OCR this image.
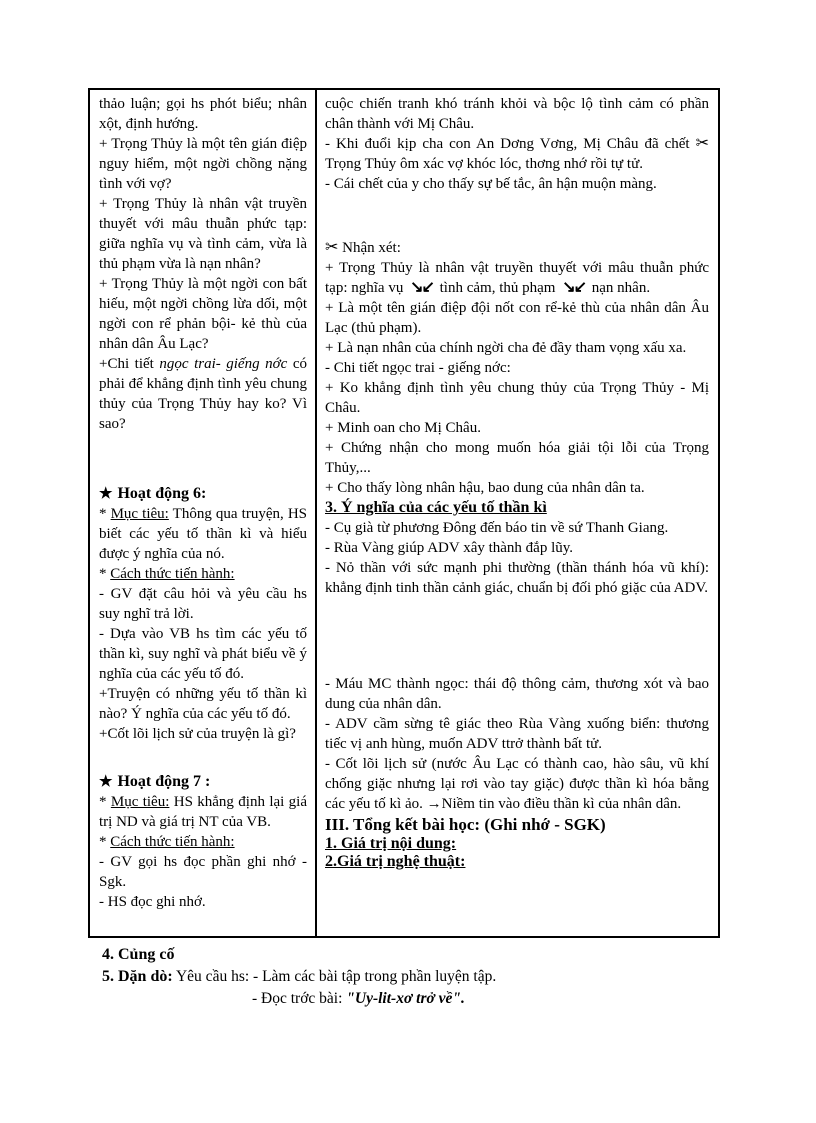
thảo luận; gọi hs phót biểu; nhân xột, định hướng.

+ Trọng Thủy là một tên gián điệp nguy hiểm, một ngời chồng nặng tình với vợ?

+ Trọng Thủy là nhân vật truyền thuyết với mâu thuẫn phức tạp: giữa nghĩa vụ và tình cảm, vừa là thủ phạm vừa là nạn nhân?

+ Trọng Thủy là một ngời con bất hiếu, một ngời chồng lừa dối, một ngời con rể phản bội- kẻ thù của nhân dân Âu Lạc?

+Chi tiết ngọc trai- giếng nớc có phải để khẳng định tình yêu chung thủy của Trọng Thủy hay ko? Vì sao?

★ Hoạt động 6:

* Mục tiêu: Thông qua truyện, HS biết các yếu tố thần kì và hiểu được ý nghĩa của nó.

* Cách thức tiến hành:

- GV đặt câu hỏi và yêu cầu hs suy nghĩ trả lời.

- Dựa vào VB hs tìm các yếu tố thần kì, suy nghĩ và phát biểu về ý nghĩa của các yếu tố đó.

+Truyện có những yếu tố thần kì nào? Ý nghĩa của các yếu tố đó.

+Cốt lõi lịch sử của truyện là gì?

★ Hoạt động 7 :

* Mục tiêu: HS khẳng định lại giá trị ND và giá trị NT của VB.

* Cách thức tiến hành:

- GV gọi hs đọc phần ghi nhớ - Sgk.

- HS đọc ghi nhớ.

cuộc chiến tranh khó tránh khỏi và bộc lộ tình cảm có phần chân thành với Mị Châu.

- Khi đuổi kịp cha con An Dơng Vơng, Mị Châu đã chết ✂ Trọng Thủy ôm xác vợ khóc lóc, thơng nhớ rồi tự tử.

- Cái chết của y cho thấy sự bế tắc, ân hận muộn màng.

✂ Nhận xét:

+ Trọng Thủy là nhân vật truyền thuyết với mâu thuẫn phức tạp: nghĩa vụ ↘↙ tình cảm, thủ phạm ↘↙ nạn nhân.

+ Là một tên gián điệp đội nốt con rể-kẻ thù của nhân dân Âu Lạc (thủ phạm).

+ Là nạn nhân của chính ngời cha đẻ đầy tham vọng xấu xa.

- Chi tiết ngọc trai - giếng nớc:

+ Ko khẳng định tình yêu chung thủy của Trọng Thủy - Mị Châu.

+ Minh oan cho Mị Châu.

+ Chứng nhận cho mong muốn hóa giải tội lỗi của Trọng Thủy,...

+ Cho thấy lòng nhân hậu, bao dung của nhân dân ta.

3. Ý nghĩa của các yếu tố thần kì

- Cụ già từ phương Đông đến báo tin về sứ Thanh Giang.

- Rùa Vàng giúp ADV xây thành đắp lũy.

- Nỏ thần với sức mạnh phi thường (thần thánh hóa vũ khí): khẳng định tinh thần cảnh giác, chuẩn bị đối phó giặc của ADV.

- Máu MC thành ngọc: thái độ thông cảm, thương xót và bao dung của nhân dân.

- ADV cầm sừng tê giác theo Rùa Vàng xuống biển: thương tiếc vị anh hùng, muốn ADV ttrở thành bất tử.

- Cốt lõi lịch sử (nước Âu Lạc có thành cao, hào sâu, vũ khí chống giặc nhưng lại rơi vào tay giặc) được thần kì hóa bằng các yếu tố kì ảo. →Niềm tin vào điều thần kì của nhân dân.

III. Tổng kết bài học: (Ghi nhớ - SGK)

1. Giá trị nội dung:

2.Giá trị nghệ thuật:

4. Củng cố

5. Dặn dò: Yêu cầu hs: - Làm các bài tập trong phần luyện tập.

- Đọc trớc bài: "Uy-lit-xơ trở về".
